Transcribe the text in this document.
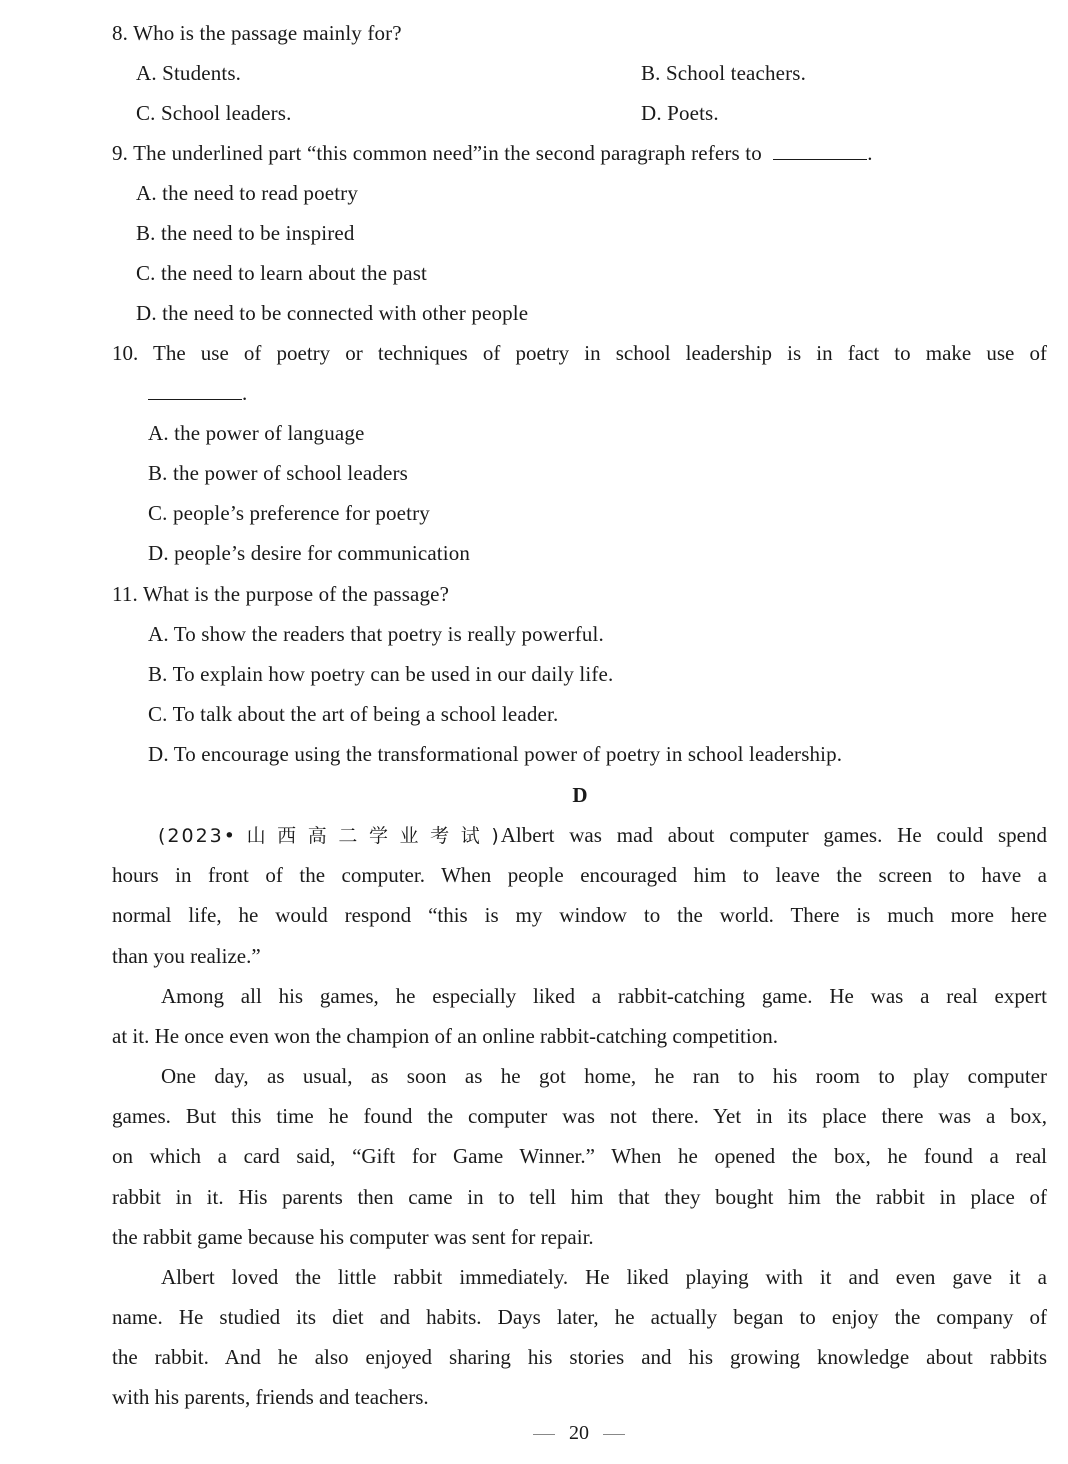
8. Who is the passage mainly for?
A. Students.	B. School teachers.
C. School leaders.	D. Poets.
9. The underlined part “this common need”in the second paragraph refers to	.
A. the need to read poetry
B. the need to be inspired
C. the need to learn about the past
D. the need to be connected with other people
10. The use of poetry or techniques of poetry in school leadership is in fact to make use of
.
A. the power of language
B. the power of school leaders
C. people’s preference for poetry
D. people’s desire for communication
11. What is the purpose of the passage?
A. To show the readers that poetry is really powerful.
B. To explain how poetry can be used in our daily life.
C. To talk about the art of being a school leader.
D. To encourage using the transformational power of poetry in school leadership.
D
(2023•山西高二学业考试)Albert was mad about computer games. He could spend
hours in front of the computer. When people encouraged him to leave the screen to have a
normal life, he would respond “this is my window to the world. There is much more here
than you realize.”
Among all his games, he especially liked a rabbit-catching game. He was a real expert
at it. He once even won the champion of an online rabbit-catching competition.
One day, as usual, as soon as he got home, he ran to his room to play computer
games. But this time he found the computer was not there. Yet in its place there was a box,
on which a card said, “Gift for Game Winner.” When he opened the box, he found a real
rabbit in it. His parents then came in to tell him that they bought him the rabbit in place of
the rabbit game because his computer was sent for repair.
Albert loved the little rabbit immediately. He liked playing with it and even gave it a
name. He studied its diet and habits. Days later, he actually began to enjoy the company of
the rabbit. And he also enjoyed sharing his stories and his growing knowledge about rabbits
with his parents, friends and teachers.
20
